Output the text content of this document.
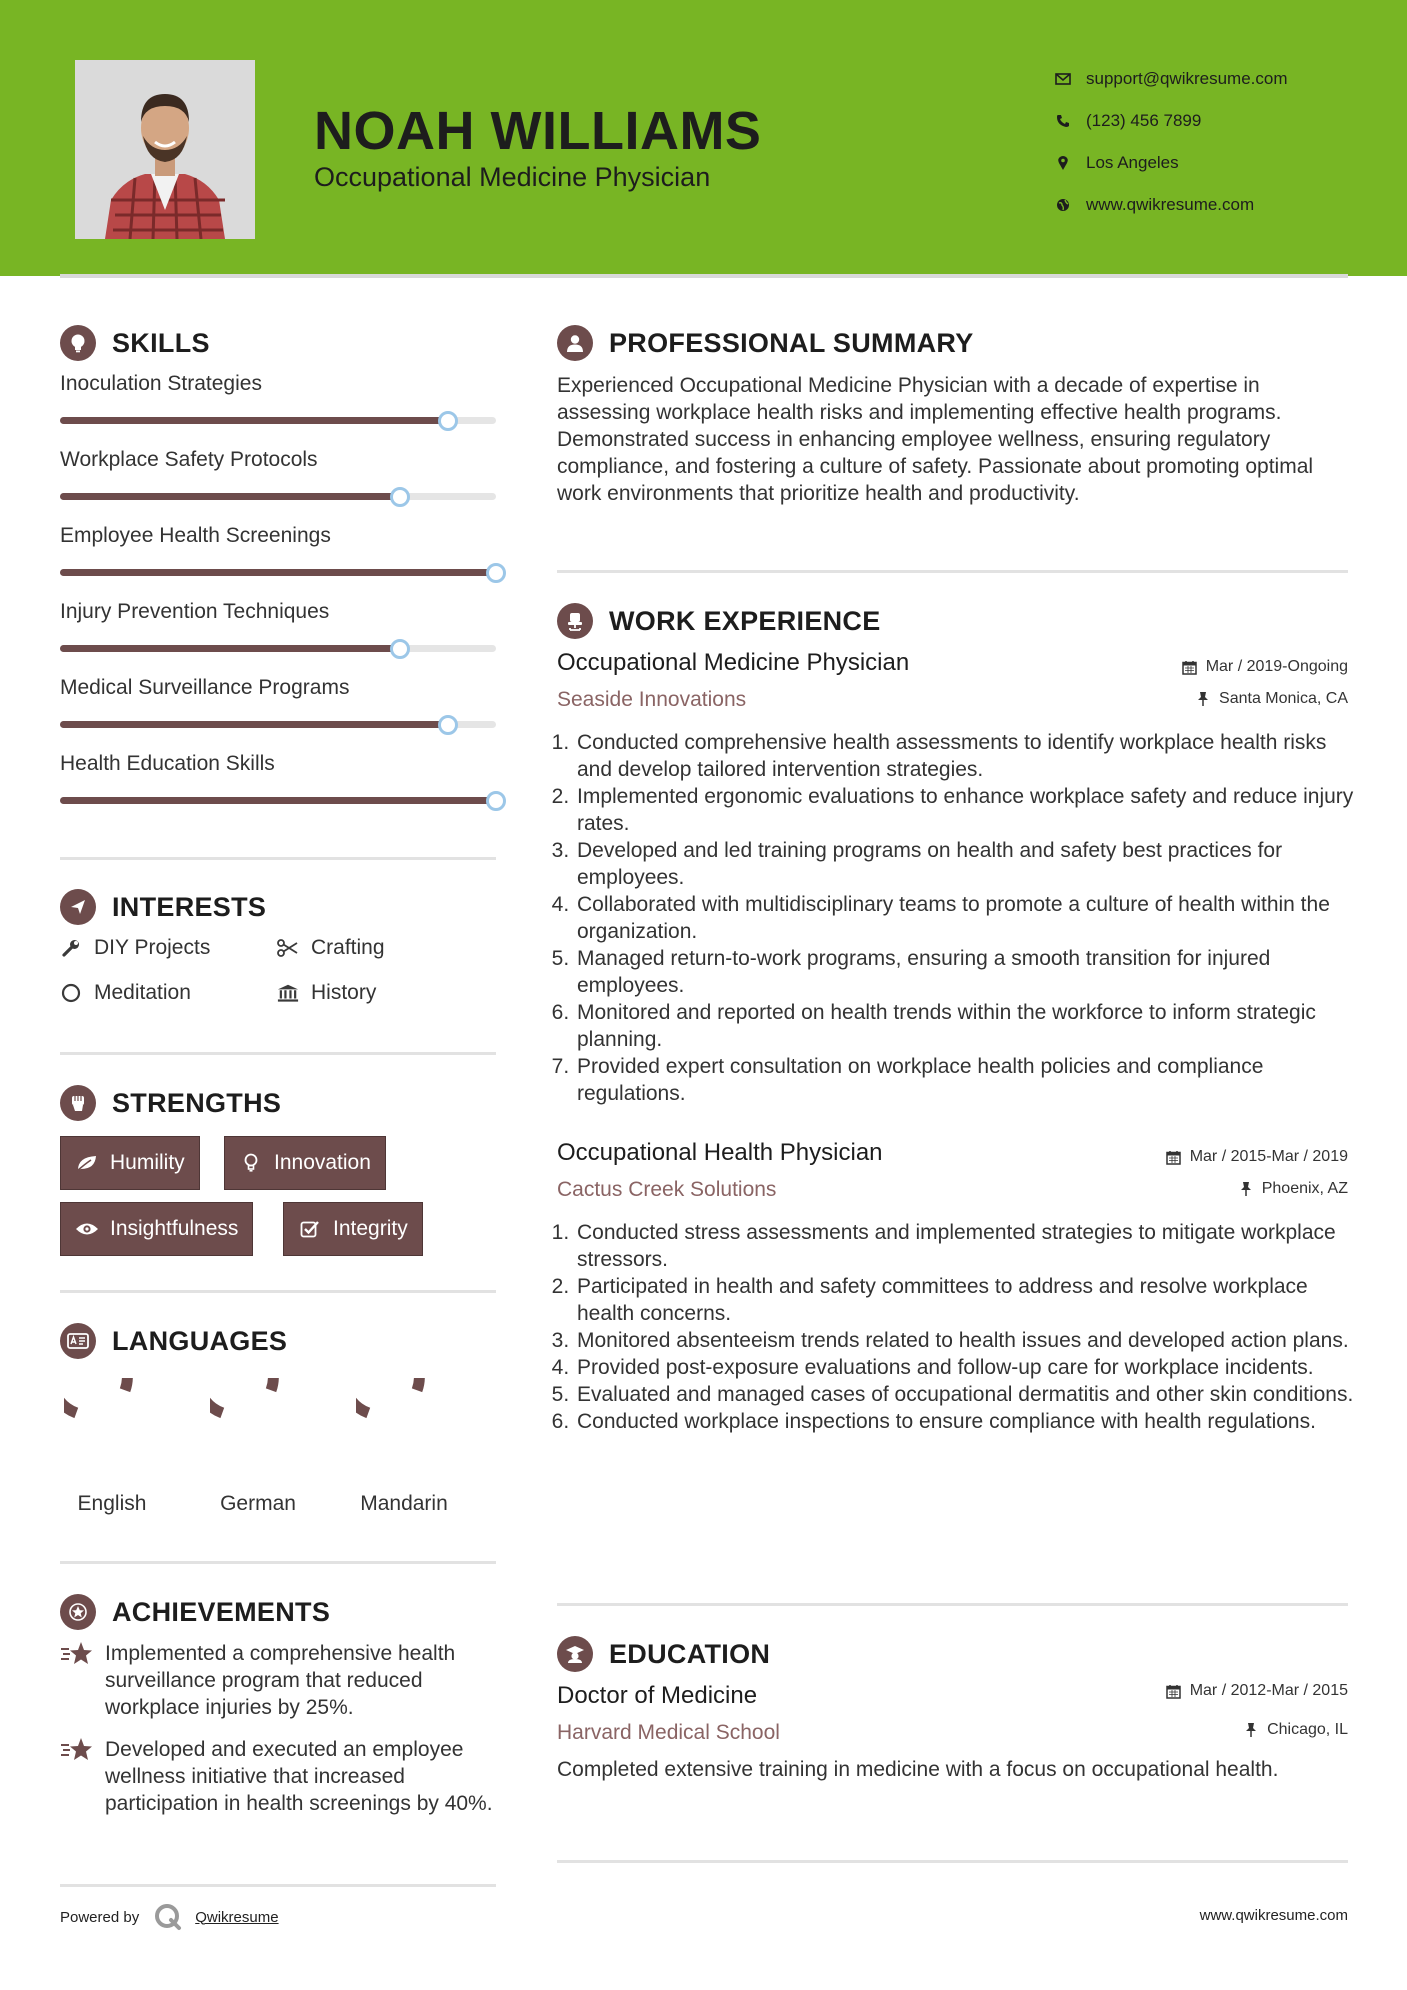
NOAH WILLIAMS
Occupational Medicine Physician
support@qwikresume.com
(123) 456 7899
Los Angeles
www.qwikresume.com
SKILLS
Inoculation Strategies
Workplace Safety Protocols
Employee Health Screenings
Injury Prevention Techniques
Medical Surveillance Programs
Health Education Skills
INTERESTS
DIY Projects	Crafting
Meditation	History
STRENGTHS
Humility	Innovation
Insightfulness	Integrity
LANGUAGES
English	German	Mandarin
ACHIEVEMENTS
Implemented a comprehensive health surveillance program that reduced workplace injuries by 25%.
Developed and executed an employee wellness initiative that increased participation in health screenings by 40%.
PROFESSIONAL SUMMARY
Experienced Occupational Medicine Physician with a decade of expertise in assessing workplace health risks and implementing effective health programs. Demonstrated success in enhancing employee wellness, ensuring regulatory compliance, and fostering a culture of safety. Passionate about promoting optimal work environments that prioritize health and productivity.
WORK EXPERIENCE
Occupational Medicine Physician
Seaside Innovations
Mar / 2019-Ongoing
Santa Monica, CA
1. Conducted comprehensive health assessments to identify workplace health risks and develop tailored intervention strategies.
2. Implemented ergonomic evaluations to enhance workplace safety and reduce injury rates.
3. Developed and led training programs on health and safety best practices for employees.
4. Collaborated with multidisciplinary teams to promote a culture of health within the organization.
5. Managed return-to-work programs, ensuring a smooth transition for injured employees.
6. Monitored and reported on health trends within the workforce to inform strategic planning.
7. Provided expert consultation on workplace health policies and compliance regulations.
Occupational Health Physician
Cactus Creek Solutions
Mar / 2015-Mar / 2019
Phoenix, AZ
1. Conducted stress assessments and implemented strategies to mitigate workplace stressors.
2. Participated in health and safety committees to address and resolve workplace health concerns.
3. Monitored absenteeism trends related to health issues and developed action plans.
4. Provided post-exposure evaluations and follow-up care for workplace incidents.
5. Evaluated and managed cases of occupational dermatitis and other skin conditions.
6. Conducted workplace inspections to ensure compliance with health regulations.
EDUCATION
Doctor of Medicine
Harvard Medical School
Mar / 2012-Mar / 2015
Chicago, IL
Completed extensive training in medicine with a focus on occupational health.
Powered by	Qwikresume	www.qwikresume.com
